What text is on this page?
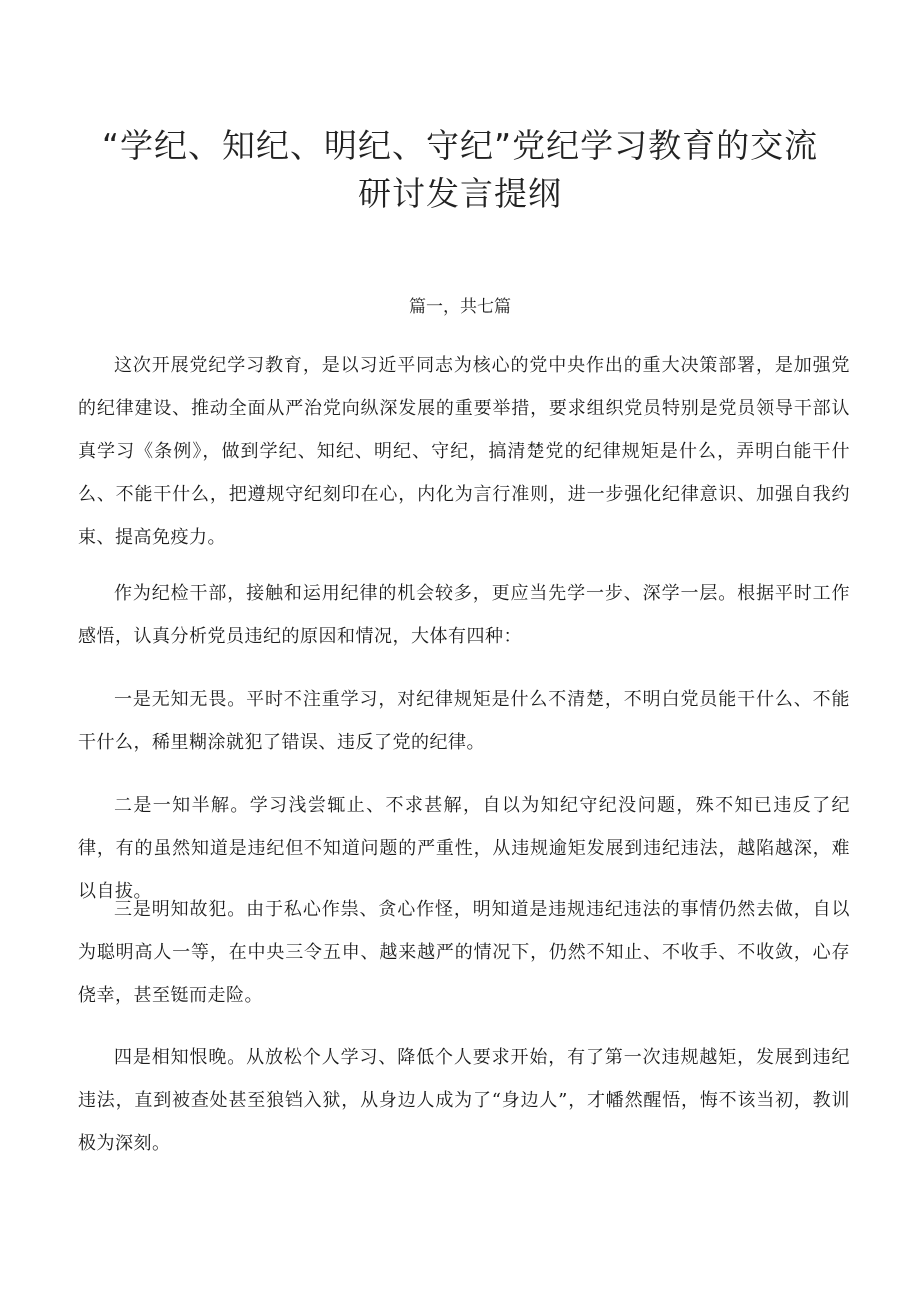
“学纪、知纪、明纪、守纪”党纪学习教育的交流
研讨发言提纲

篇一，共七篇

这次开展党纪学习教育，是以习近平同志为核心的党中央作出的重大决策部署，是加强党的纪律建设、推动全面从严治党向纵深发展的重要举措，要求组织党员特别是党员领导干部认真学习《条例》，做到学纪、知纪、明纪、守纪，搞清楚党的纪律规矩是什么，弄明白能干什么、不能干什么，把遵规守纪刻印在心，内化为言行准则，进一步强化纪律意识、加强自我约束、提高免疫力。

作为纪检干部，接触和运用纪律的机会较多，更应当先学一步、深学一层。根据平时工作感悟，认真分析党员违纪的原因和情况，大体有四种：

一是无知无畏。平时不注重学习，对纪律规矩是什么不清楚，不明白党员能干什么、不能干什么，稀里糊涂就犯了错误、违反了党的纪律。

二是一知半解。学习浅尝辄止、不求甚解，自以为知纪守纪没问题，殊不知已违反了纪律，有的虽然知道是违纪但不知道问题的严重性，从违规逾矩发展到违纪违法，越陷越深，难以自拔。

三是明知故犯。由于私心作祟、贪心作怪，明知道是违规违纪违法的事情仍然去做，自以为聪明高人一等，在中央三令五申、越来越严的情况下，仍然不知止、不收手、不收敛，心存侥幸，甚至铤而走险。

四是相知恨晚。从放松个人学习、降低个人要求开始，有了第一次违规越矩，发展到违纪违法，直到被查处甚至狼铛入狱，从身边人成为了“身边人”，才幡然醒悟，悔不该当初，教训极为深刻。
